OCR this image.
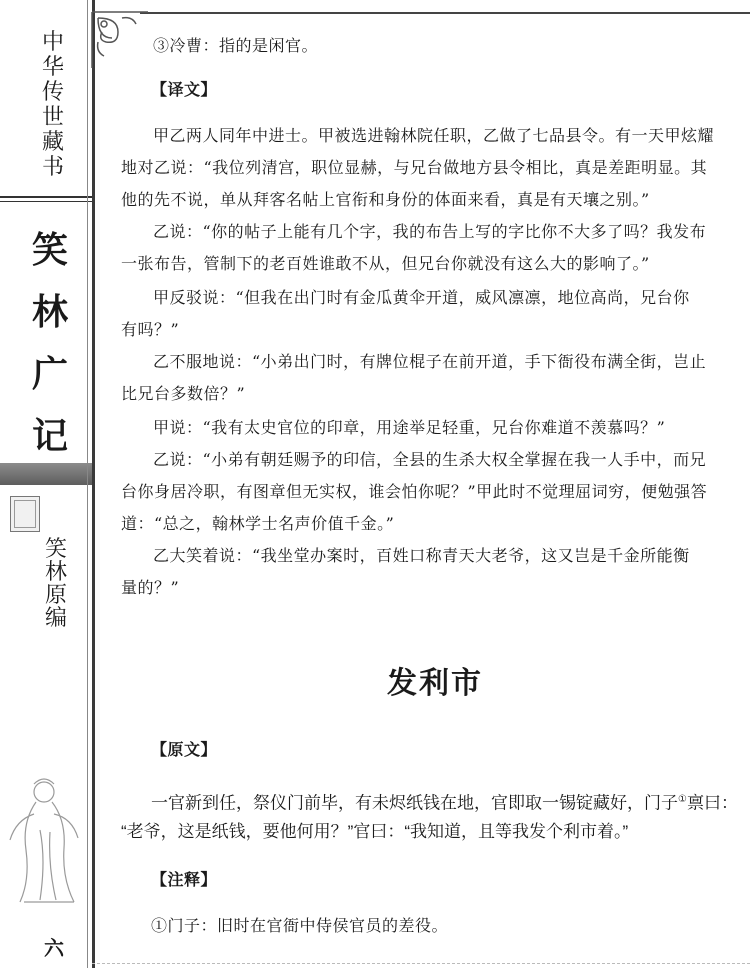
中
华
传
世
藏
书
笑
林
广
记
笑
林
原
编
六
③冷曹：指的是闲官。
【译文】
甲乙两人同年中进士。甲被选进翰林院任职，乙做了七品县令。有一天甲炫耀
地对乙说：“我位列清宫，职位显赫，与兄台做地方县令相比，真是差距明显。其
他的先不说，单从拜客名帖上官衔和身份的体面来看，真是有天壤之别。”
乙说：“你的帖子上能有几个字，我的布告上写的字比你不大多了吗？我发布
一张布告，管制下的老百姓谁敢不从，但兄台你就没有这么大的影响了。”
甲反驳说：“但我在出门时有金瓜黄伞开道，威风凛凛，地位高尚，兄台你
有吗？”
乙不服地说：“小弟出门时，有牌位棍子在前开道，手下衙役布满全街，岂止
比兄台多数倍？”
甲说：“我有太史官位的印章，用途举足轻重，兄台你难道不羡慕吗？”
乙说：“小弟有朝廷赐予的印信，全县的生杀大权全掌握在我一人手中，而兄
台你身居冷职，有图章但无实权，谁会怕你呢？”甲此时不觉理屈词穷，便勉强答
道：“总之，翰林学士名声价值千金。”
乙大笑着说：“我坐堂办案时，百姓口称青天大老爷，这又岂是千金所能衡
量的？”
发利市
【原文】
一官新到任，祭仪门前毕，有未烬纸钱在地，官即取一锡锭藏好，门子①禀曰：
“老爷，这是纸钱，要他何用？”官曰：“我知道，且等我发个利市着。”
【注释】
①门子：旧时在官衙中侍侯官员的差役。
